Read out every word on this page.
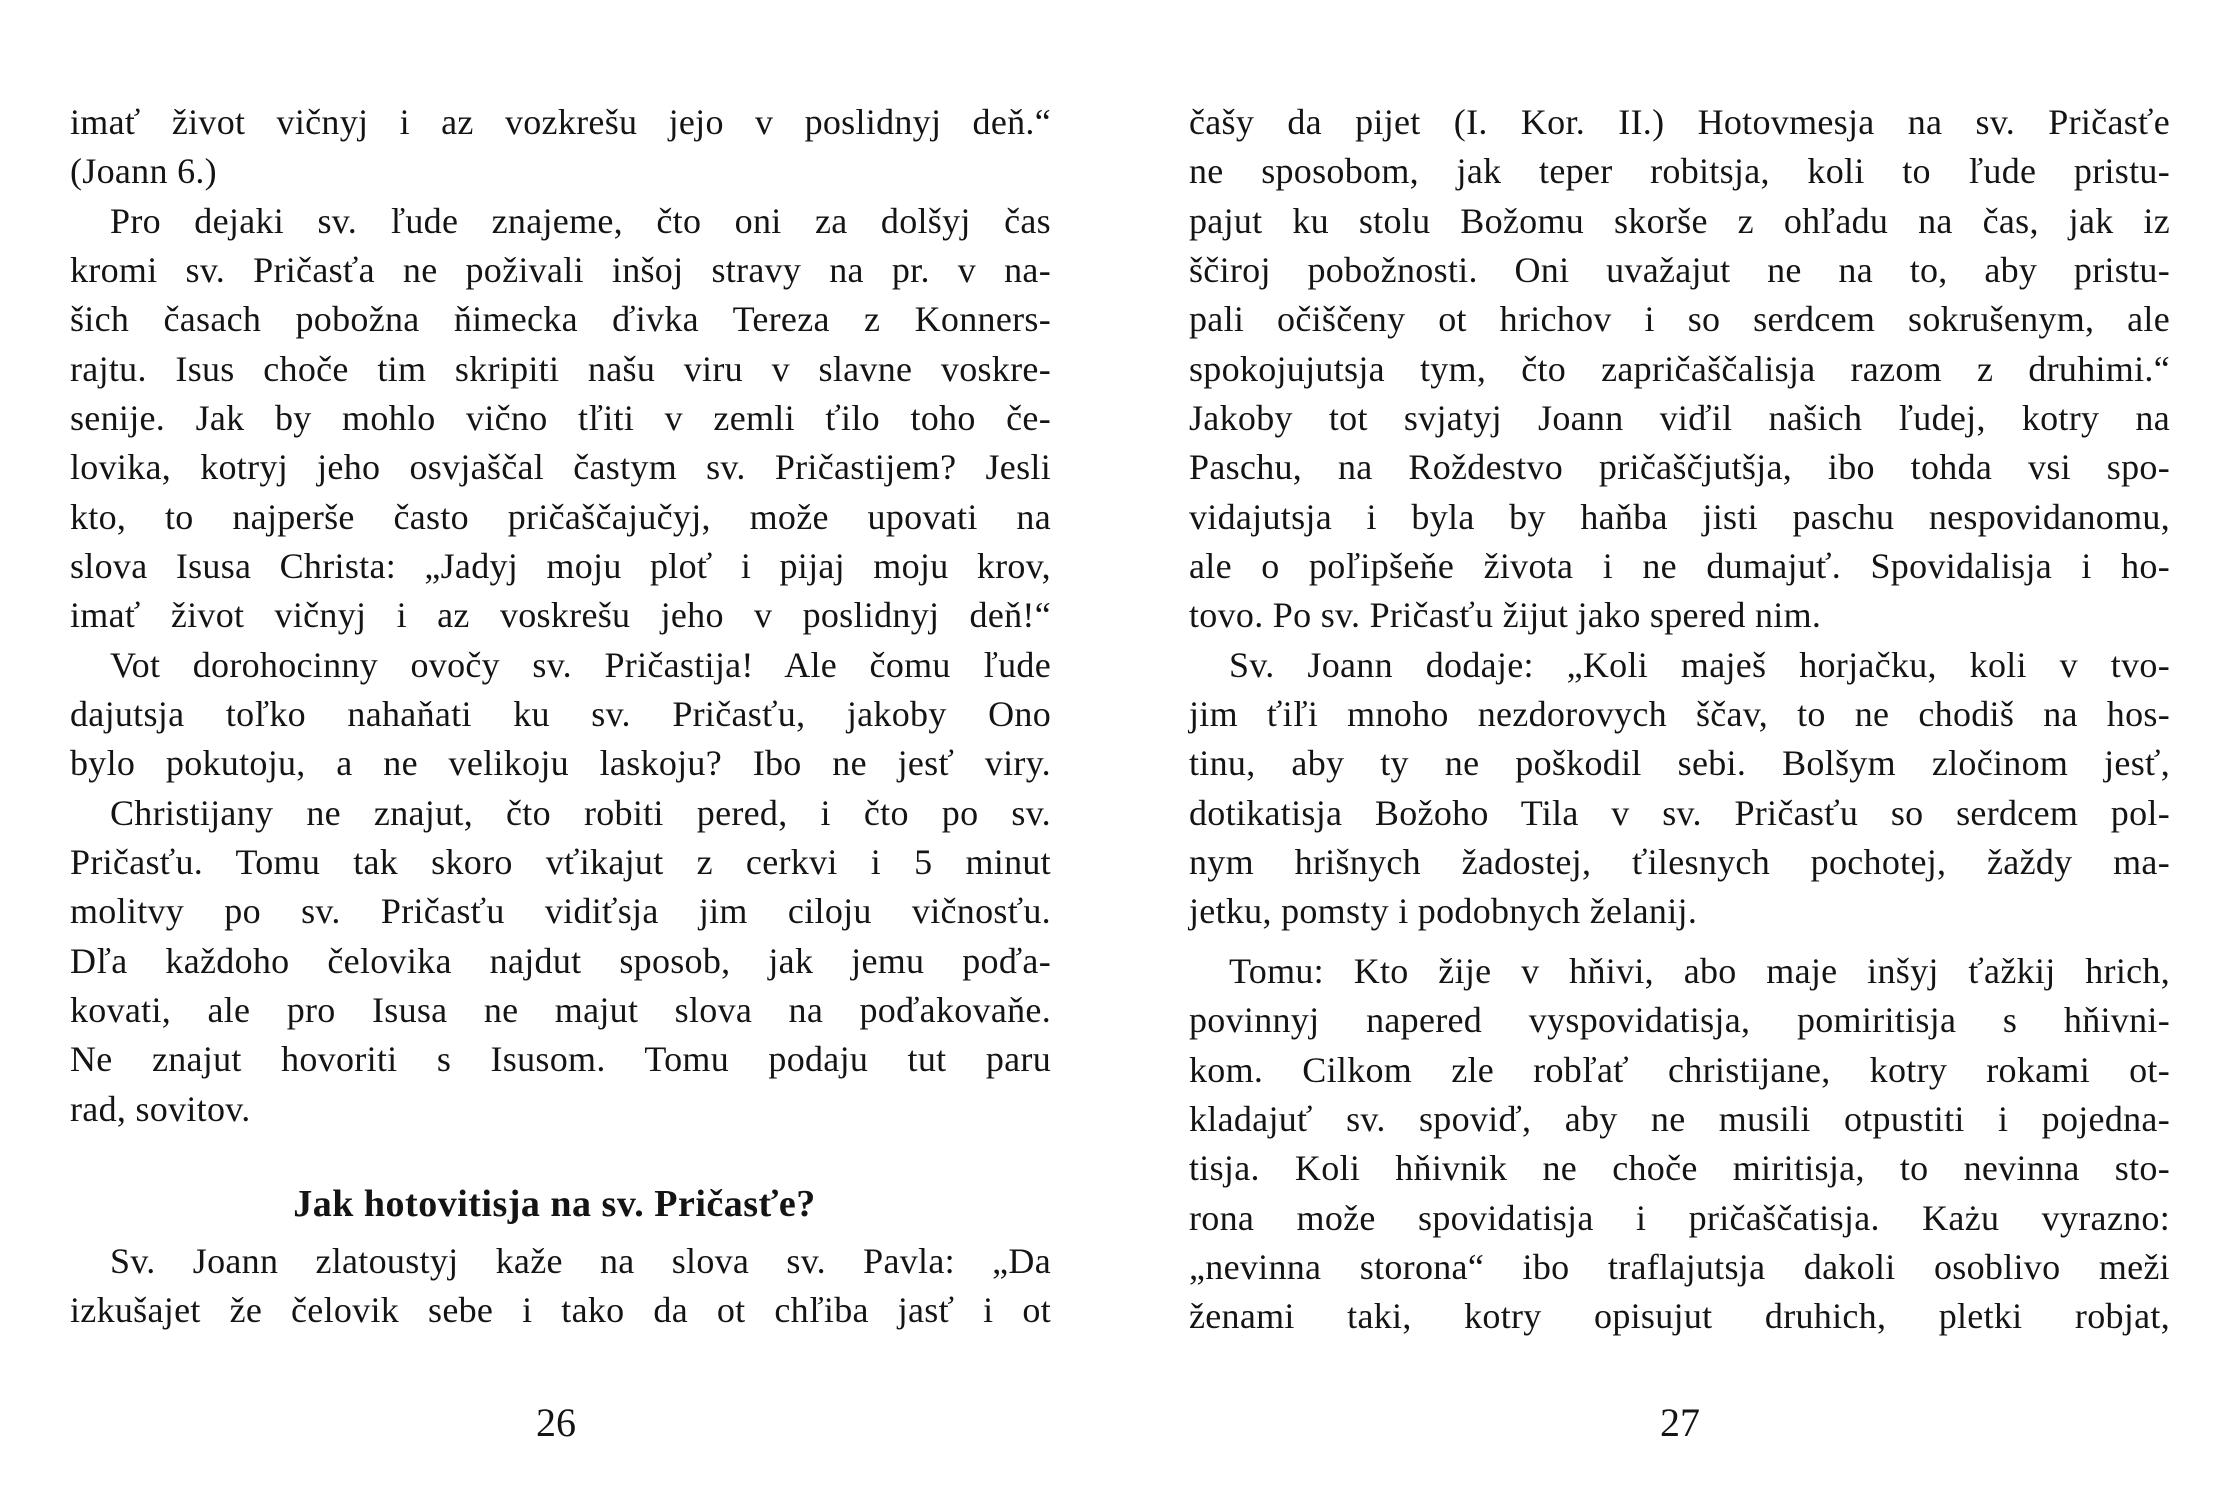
imať život vičnyj i az vozkrešu jejo v poslidnyj deň.“
(Joann 6.)
Pro dejaki sv. ľude znajeme, čto oni za dolšyj čas
kromi sv. Pričasťa ne poživali inšoj stravy na pr. v na-
šich časach pobožna ňimecka ďivka Tereza z Konners-
rajtu. Isus choče tim skripiti našu viru v slavne voskre-
senije. Jak by mohlo vično tľiti v zemli ťilo toho če-
lovika, kotryj jeho osvjaščal častym sv. Pričastijem? Jesli
kto, to najperše často pričaščajučyj, može upovati na
slova Isusa Christa: „Jadyj moju ploť i pijaj moju krov,
imať život vičnyj i az voskrešu jeho v poslidnyj deň!“
Vot dorohocinny ovočy sv. Pričastija! Ale čomu ľude
dajutsja toľko nahaňati ku sv. Pričasťu, jakoby Ono
bylo pokutoju, a ne velikoju laskoju? Ibo ne jesť viry.
Christijany ne znajut, čto robiti pered, i čto po sv.
Pričasťu. Tomu tak skoro vťikajut z cerkvi i 5 minut
molitvy po sv. Pričasťu vidiťsja jim ciloju vičnosťu.
Dľa každoho čelovika najdut sposob, jak jemu poďa-
kovati, ale pro Isusa ne majut slova na poďakovaňe.
Ne znajut hovoriti s Isusom. Tomu podaju tut paru
rad, sovitov.
Jak hotovitisja na sv. Pričasťe?
Sv. Joann zlatoustyj kaže na slova sv. Pavla: „Da
izkušajet že čelovik sebe i tako da ot chľiba jasť i ot
26
čašy da pijet (I. Kor. II.) Hotovmesja na sv. Pričasťe
ne sposobom, jak teper robitsja, koli to ľude pristu-
pajut ku stolu Božomu skorše z ohľadu na čas, jak iz
ščiroj pobožnosti. Oni uvažajut ne na to, aby pristu-
pali očiščeny ot hrichov i so serdcem sokrušenym, ale
spokojujutsja tym, čto zapričaščalisja razom z druhimi.“
Jakoby tot svjatyj Joann viďil našich ľudej, kotry na
Paschu, na Roždestvo pričaščjutšja, ibo tohda vsi spo-
vidajutsja i byla by haňba jisti paschu nespovidanomu,
ale o poľipšeňe života i ne dumajuť. Spovidalisja i ho-
tovo. Po sv. Pričasťu žijut jako spered nim.
Sv. Joann dodaje: „Koli maješ horjačku, koli v tvo-
jim ťiľi mnoho nezdorovych ščav, to ne chodiš na hos-
tinu, aby ty ne poškodil sebi. Bolšym zločinom jesť,
dotikatisja Božoho Tila v sv. Pričasťu so serdcem pol-
nym hrišnych žadostej, ťilesnych pochotej, žaždy ma-
jetku, pomsty i podobnych želanij.
Tomu: Kto žije v hňivi, abo maje inšyj ťažkij hrich,
povinnyj napered vyspovidatisja, pomiritisja s hňivni-
kom. Cilkom zle robľať christijane, kotry rokami ot-
kladajuť sv. spoviď, aby ne musili otpustiti i pojedna-
tisja. Koli hňivnik ne choče miritisja, to nevinna sto-
rona može spovidatisja i pričaščatisja. Każu vyrazno:
„nevinna storona“ ibo traflajutsja dakoli osoblivo meži
ženami taki, kotry opisujut druhich, pletki robjat,
27
